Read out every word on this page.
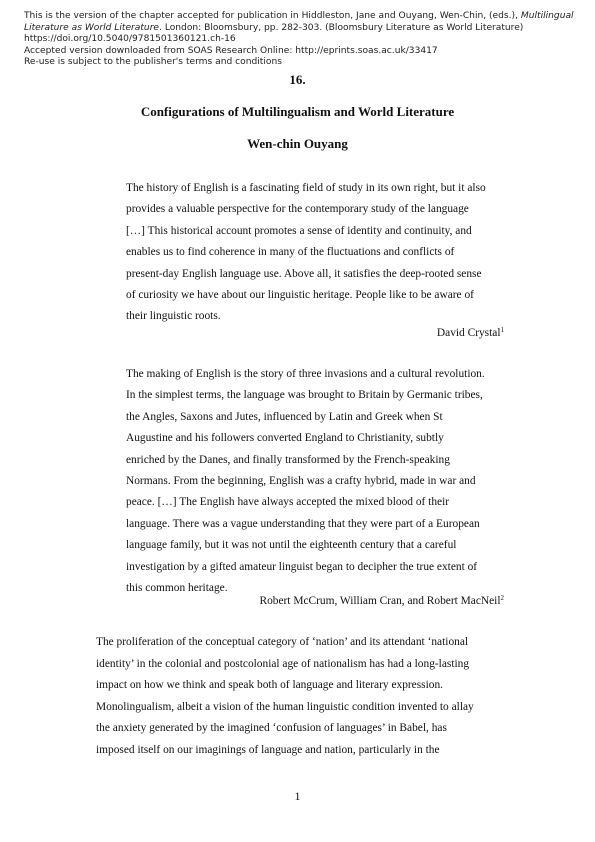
This is the version of the chapter accepted for publication in Hiddleston, Jane and Ouyang, Wen-Chin, (eds.), Multilingual
Literature as World Literature. London: Bloomsbury, pp. 282-303. (Bloomsbury Literature as World Literature)
https://doi.org/10.5040/9781501360121.ch-16
Accepted version downloaded from SOAS Research Online: http://eprints.soas.ac.uk/33417
Re-use is subject to the publisher's terms and conditions
16.
Configurations of Multilingualism and World Literature
Wen-chin Ouyang
The history of English is a fascinating field of study in its own right, but it also
provides a valuable perspective for the contemporary study of the language
[…] This historical account promotes a sense of identity and continuity, and
enables us to find coherence in many of the fluctuations and conflicts of
present-day English language use. Above all, it satisfies the deep-rooted sense
of curiosity we have about our linguistic heritage. People like to be aware of
their linguistic roots.
David Crystal$^1$
The making of English is the story of three invasions and a cultural revolution.
In the simplest terms, the language was brought to Britain by Germanic tribes,
the Angles, Saxons and Jutes, influenced by Latin and Greek when St
Augustine and his followers converted England to Christianity, subtly
enriched by the Danes, and finally transformed by the French-speaking
Normans. From the beginning, English was a crafty hybrid, made in war and
peace. […] The English have always accepted the mixed blood of their
language. There was a vague understanding that they were part of a European
language family, but it was not until the eighteenth century that a careful
investigation by a gifted amateur linguist began to decipher the true extent of
this common heritage.
Robert McCrum, William Cran, and Robert MacNeil$^2$
The proliferation of the conceptual category of ‘nation’ and its attendant ‘national
identity’ in the colonial and postcolonial age of nationalism has had a long-lasting
impact on how we think and speak both of language and literary expression.
Monolingualism, albeit a vision of the human linguistic condition invented to allay
the anxiety generated by the imagined ‘confusion of languages’ in Babel, has
imposed itself on our imaginings of language and nation, particularly in the
1
